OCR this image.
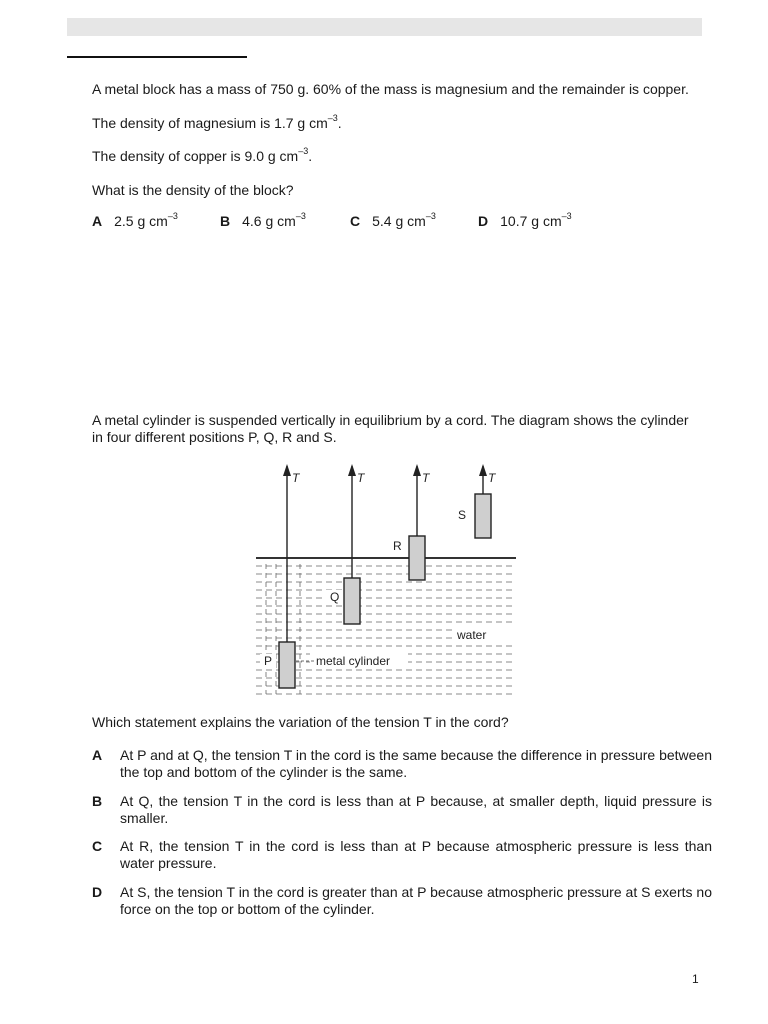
A metal block has a mass of 750 g. 60% of the mass is magnesium and the remainder is copper.

The density of magnesium is 1.7 g $cm^{-3}$.

The density of copper is 9.0 g $cm^{-3}$.

What is the density of the block?

A 2.5 g $cm^{-3}$	B 4.6 g $cm^{-3}$	C 5.4 g $cm^{-3}$	D 10.7 g $cm^{-3}$

A metal cylinder is suspended vertically in equilibrium by a cord. The diagram shows the cylinder

in four different positions P, Q, R and S.

T	T	T	T
P
Q
R
S
water
metal cylinder

Which statement explains the variation of the tension T in the cord?

A At P and at Q, the tension T in the cord is the same because the difference in pressure between the top and bottom of the cylinder is the same.
B At Q, the tension T in the cord is less than at P because, at smaller depth, liquid pressure is smaller.
C At R, the tension T in the cord is less than at P because atmospheric pressure is less than water pressure.
D At S, the tension T in the cord is greater than at P because atmospheric pressure at S exerts no force on the top or bottom of the cylinder.
1
